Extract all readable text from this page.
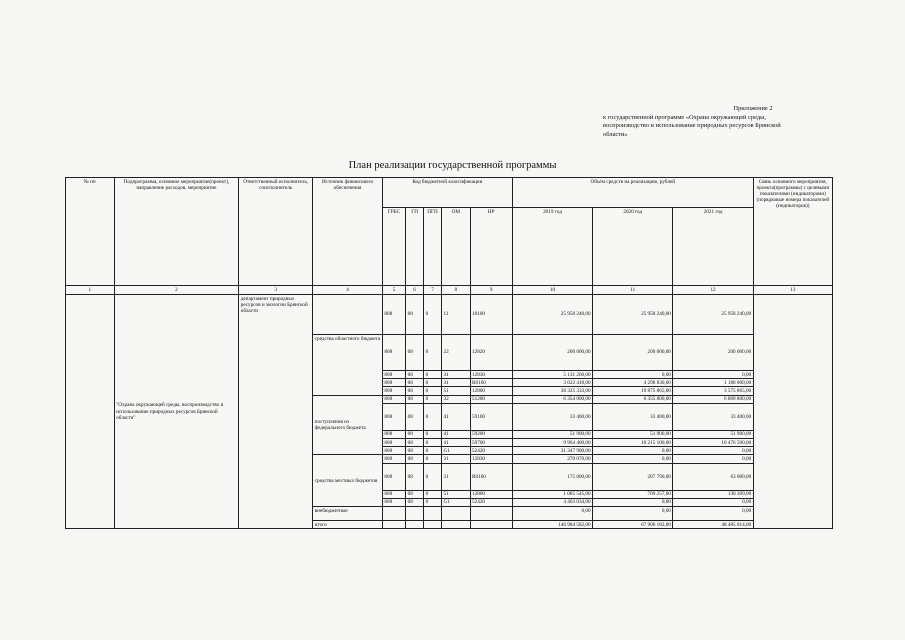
Приложение 2
к государственной программе «Охрана окружающей среды,
воспроизводство и использование природных ресурсов Брянской
области»
План реализации государственной программы
№ пп	Подпрограмма, основное мероприятие(проект), направление расходов, мероприятие	Ответственный исполнитель, соисполнитель	Источник финансового обеспечения	Код бюджетной классификации					Объём средств на реализацию, рублей			Связь основного мероприятия, проекта(программы) с целевыми показателями (индикаторами) (порядковые номера показателей (индикаторов))
				ГРБС	ГП	ПГП	ОМ	НР	2019 год	2020 год	2021 год	
1	2	3	4	5	6	7	8	9	10	11	12	13
	"Охрана окружающей среды, воспроизводство и использование природных ресурсов Брянской области"	департамент природных ресурсов и экологии Брянской области		808	08	0	11	10100	25 958 240,00	25 958 240,00	25 958 240,00	
			средства областного бюджета	808	08	0	22	12820	200 000,00	200 000,00	200 000,00	
				808	08	0	31	12830	5 131 260,00	0,00	0,00	
				808	08	0	31	R0160	3 622 410,00	4 298 830,00	1 188 000,00	
				808	08	0	51	12800	38 325 333,00	19 875 865,00	3 575 865,00	
			поступления из федерального бюджета	808	08	0	32	51280	6 354 000,00	6 355 800,00	6 809 800,00	
				808	08	0	41	59100	33 400,00	33 400,00	33 400,00	
				808	08	0	41	59200	51 900,00	51 900,00	51 900,00	
				808	08	0	41	59700	9 964 400,00	10 215 100,00	10 476 500,00	
				808	08	0	G1	52420	31 347 900,00	0,00	0,00	
			средства местных бюджетов	808	08	0	31	12830	270 070,00	0,00	0,00	
				808	08	0	31	R0160	175 000,00	207 790,00	63 000,00	
				808	08	0	51	12800	1 085 545,00	709 257,00	130 309,00	
				808	08	0	G1	52420	4 463 034,00	0,00	0,00	
			внебюджетные						0,00	0,00	0,00	
			итого						146 984 582,00	67 906 182,00	48 485 014,00	
